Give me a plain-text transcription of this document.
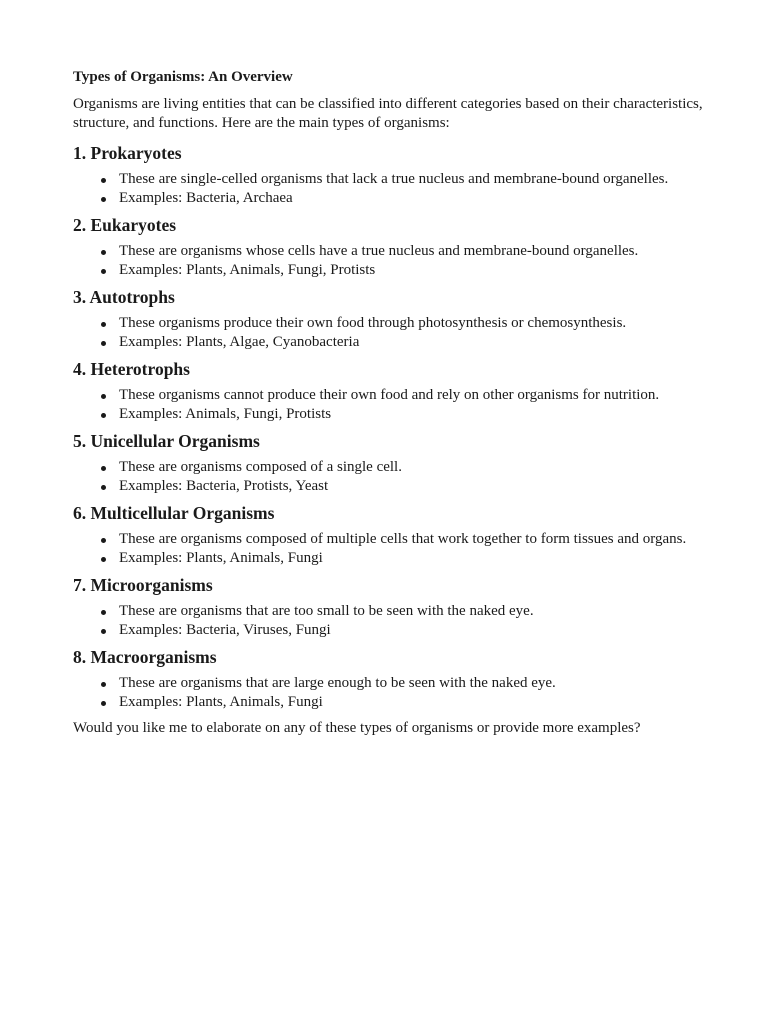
Types of Organisms: An Overview

Organisms are living entities that can be classified into different categories based on their characteristics, structure, and functions. Here are the main types of organisms:

1. Prokaryotes
These are single-celled organisms that lack a true nucleus and membrane-bound organelles.
Examples: Bacteria, Archaea
2. Eukaryotes
These are organisms whose cells have a true nucleus and membrane-bound organelles.
Examples: Plants, Animals, Fungi, Protists
3. Autotrophs
These organisms produce their own food through photosynthesis or chemosynthesis.
Examples: Plants, Algae, Cyanobacteria
4. Heterotrophs
These organisms cannot produce their own food and rely on other organisms for nutrition.
Examples: Animals, Fungi, Protists
5. Unicellular Organisms
These are organisms composed of a single cell.
Examples: Bacteria, Protists, Yeast
6. Multicellular Organisms
These are organisms composed of multiple cells that work together to form tissues and organs.
Examples: Plants, Animals, Fungi
7. Microorganisms
These are organisms that are too small to be seen with the naked eye.
Examples: Bacteria, Viruses, Fungi
8. Macroorganisms
These are organisms that are large enough to be seen with the naked eye.
Examples: Plants, Animals, Fungi

Would you like me to elaborate on any of these types of organisms or provide more examples?
